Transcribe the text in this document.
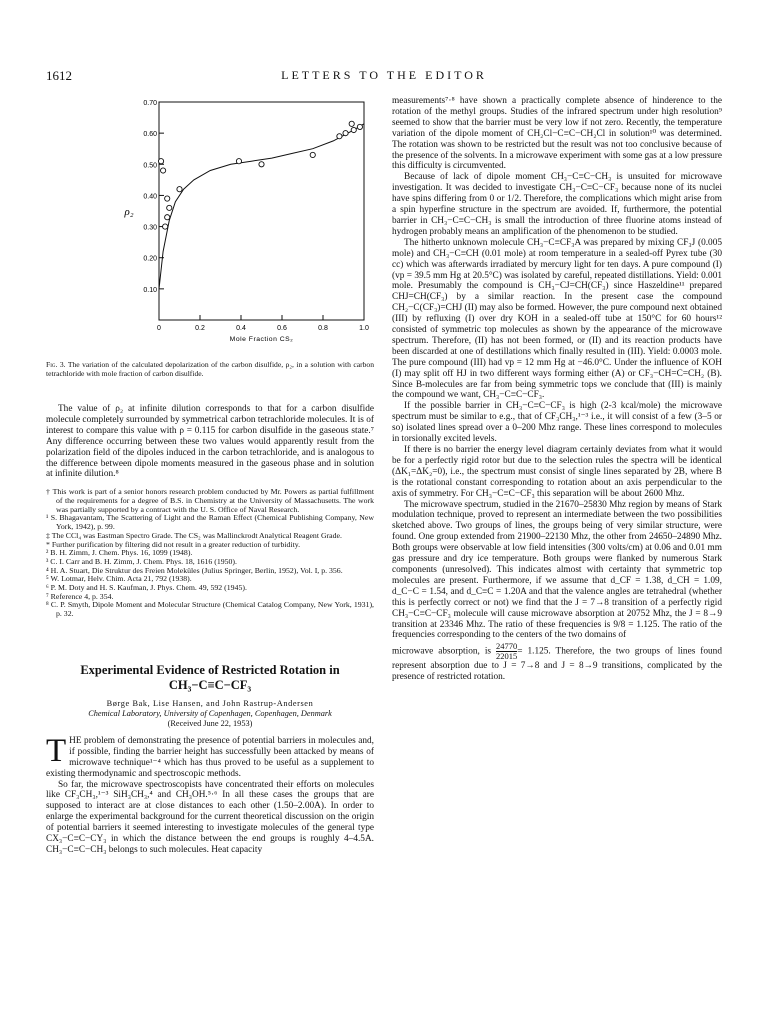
1612	LETTERS TO THE EDITOR
0.10
0.20
0.30
0.40
0.50
0.60
0.70
0	0.2	0.4	0.6	0.8	1.0
Mole Fraction CS₂
ρ₂
Fig. 3. The variation of the calculated depolarization of the carbon disulfide, ρ₂, in a solution with carbon tetrachloride with mole fraction of carbon disulfide.

The value of ρ₂ at infinite dilution corresponds to that for a carbon disulfide molecule completely surrounded by symmetrical carbon tetrachloride molecules. It is of interest to compare this value with ρ = 0.115 for carbon disulfide in the gaseous state.⁷ Any difference occurring between these two values would apparently result from the polarization field of the dipoles induced in the carbon tetrachloride, and is analogous to the difference between dipole moments measured in the gaseous phase and in solution at infinite dilution.⁸

† This work is part of a senior honors research problem conducted by Mr. Powers as partial fulfillment of the requirements for a degree of B.S. in Chemistry at the University of Massachusetts. The work was partially supported by a contract with the U. S. Office of Naval Research.

¹ S. Bhagavantam, The Scattering of Light and the Raman Effect (Chemical Publishing Company, New York, 1942), p. 99.

‡ The CCl₄ was Eastman Spectro Grade. The CS₂ was Mallinckrodt Analytical Reagent Grade.

* Further purification by filtering did not result in a greater reduction of turbidity.

² B. H. Zimm, J. Chem. Phys. 16, 1099 (1948).

³ C. I. Carr and B. H. Zimm, J. Chem. Phys. 18, 1616 (1950).

⁴ H. A. Stuart, Die Struktur des Freien Moleküles (Julius Springer, Berlin, 1952), Vol. I, p. 356.

⁵ W. Lotmar, Helv. Chim. Acta 21, 792 (1938).

⁶ P. M. Doty and H. S. Kaufman, J. Phys. Chem. 49, 592 (1945).

⁷ Reference 4, p. 354.

⁸ C. P. Smyth, Dipole Moment and Molecular Structure (Chemical Catalog Company, New York, 1931), p. 32.

Experimental Evidence of Restricted Rotation in
CH₃−C≡C−CF₃
Børge Bak, Lise Hansen, and John Rastrup-Andersen
Chemical Laboratory, University of Copenhagen, Copenhagen, Denmark
(Received June 22, 1953)

THE problem of demonstrating the presence of potential barriers in molecules and, if possible, finding the barrier height has successfully been attacked by means of microwave technique¹⁻⁴ which has thus proved to be useful as a supplement to existing thermodynamic and spectroscopic methods.

So far, the microwave spectroscopists have concentrated their efforts on molecules like CF₃CH₃,¹⁻³ SiH₃CH₃,⁴ and CH₃OH.⁵·⁶ In all these cases the groups that are supposed to interact are at close distances to each other (1.50–2.00A). In order to enlarge the experimental background for the current theoretical discussion on the origin of potential barriers it seemed interesting to investigate molecules of the general type CX₃−C≡C−CY₃ in which the distance between the end groups is roughly 4–4.5A. CH₃−C≡C−CH₃ belongs to such molecules. Heat capacity

measurements⁷·⁸ have shown a practically complete absence of hinderence to the rotation of the methyl groups. Studies of the infrared spectrum under high resolution⁹ seemed to show that the barrier must be very low if not zero. Recently, the temperature variation of the dipole moment of CH₂Cl−C≡C−CH₂Cl in solution¹⁰ was determined. The rotation was shown to be restricted but the result was not too conclusive because of the presence of the solvents. In a microwave experiment with some gas at a low pressure this difficulty is circumvented.

Because of lack of dipole moment CH₃−C≡C−CH₃ is unsuited for microwave investigation. It was decided to investigate CH₃−C≡C−CF₃ because none of its nuclei have spins differing from 0 or 1/2. Therefore, the complications which might arise from a spin hyperfine structure in the spectrum are avoided. If, furthermore, the potential barrier in CH₃−C≡C−CH₃ is small the introduction of three fluorine atoms instead of hydrogen probably means an amplification of the phenomenon to be studied.

The hitherto unknown molecule CH₃−C≡CF₃A was prepared by mixing CF₃J (0.005 mole) and CH₃−C≡CH (0.01 mole) at room temperature in a sealed-off Pyrex tube (30 cc) which was afterwards irradiated by mercury light for ten days. A pure compound (I) (vp = 39.5 mm Hg at 20.5°C) was isolated by careful, repeated distillations. Yield: 0.001 mole. Presumably the compound is CH₃−CJ=CH(CF₃) since Haszeldine¹¹ prepared CHJ=CH(CF₃) by a similar reaction. In the present case the compound CH₂−C(CF₃)=CHJ (II) may also be formed. However, the pure compound next obtained (III) by refluxing (I) over dry KOH in a sealed-off tube at 150°C for 60 hours¹² consisted of symmetric top molecules as shown by the appearance of the microwave spectrum. Therefore, (II) has not been formed, or (II) and its reaction products have been discarded at one of destillations which finally resulted in (III). Yield: 0.0003 mole. The pure compound (III) had vp = 12 mm Hg at −46.0°C. Under the influence of KOH (I) may split off HJ in two different ways forming either (A) or CF₃−CH=C=CH₂ (B). Since B-molecules are far from being symmetric tops we conclude that (III) is mainly the compound we want, CH₃−C≡C−CF₃.

If the possible barrier in CH₃−C≡C−CF₃ is high (2-3 kcal/mole) the microwave spectrum must be similar to e.g., that of CF₃CH₃,¹⁻³ i.e., it will consist of a few (3–5 or so) isolated lines spread over a 0–200 Mhz range. These lines correspond to molecules in torsionally excited levels.

If there is no barrier the energy level diagram certainly deviates from what it would be for a perfectly rigid rotor but due to the selection rules the spectra will be identical (ΔK₁=ΔK₂=0), i.e., the spectrum must consist of single lines separated by 2B, where B is the rotational constant corresponding to rotation about an axis perpendicular to the axis of symmetry. For CH₃−C≡C−CF₃ this separation will be about 2600 Mhz.

The microwave spectrum, studied in the 21670–25830 Mhz region by means of Stark modulation technique, proved to represent an intermediate between the two possibilities sketched above. Two groups of lines, the groups being of very similar structure, were found. One group extended from 21900–22130 Mhz, the other from 24650–24890 Mhz. Both groups were observable at low field intensities (300 volts/cm) at 0.06 and 0.01 mm gas pressure and dry ice temperature. Both groups were flanked by numerous Stark components (unresolved). This indicates almost with certainty that symmetric top molecules are present. Furthermore, if we assume that d_CF = 1.38, d_CH = 1.09, d_C−C = 1.54, and d_C≡C = 1.20A and that the valence angles are tetrahedral (whether this is perfectly correct or not) we find that the J = 7→8 transition of a perfectly rigid CH₃−C≡C−CF₃ molecule will cause microwave absorption at 20752 Mhz, the J = 8→9 transition at 23346 Mhz. The ratio of these frequencies is 9/8 = 1.125. The ratio of the frequencies corresponding to the centers of the two domains of

microwave absorption, is $\frac{24770}{22015} = 1.125$. Therefore, the two groups of lines found represent absorption due to J = 7→8 and J = 8→9 transitions, complicated by the presence of restricted rotation.
